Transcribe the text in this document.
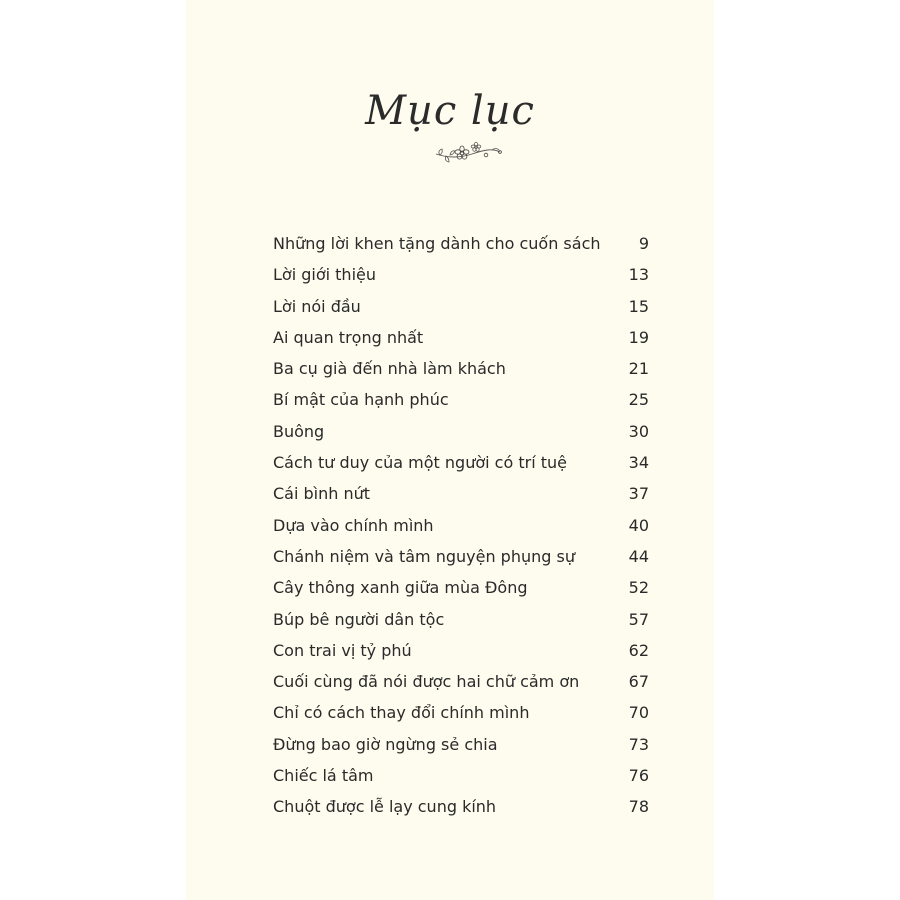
Mục lục
Những lời khen tặng dành cho cuốn sách	9
Lời giới thiệu	13
Lời nói đầu	15
Ai quan trọng nhất	19
Ba cụ già đến nhà làm khách	21
Bí mật của hạnh phúc	25
Buông	30
Cách tư duy của một người có trí tuệ	34
Cái bình nứt	37
Dựa vào chính mình	40
Chánh niệm và tâm nguyện phụng sự	44
Cây thông xanh giữa mùa Đông	52
Búp bê người dân tộc	57
Con trai vị tỷ phú	62
Cuối cùng đã nói được hai chữ cảm ơn	67
Chỉ có cách thay đổi chính mình	70
Đừng bao giờ ngừng sẻ chia	73
Chiếc lá tâm	76
Chuột được lễ lạy cung kính	78
